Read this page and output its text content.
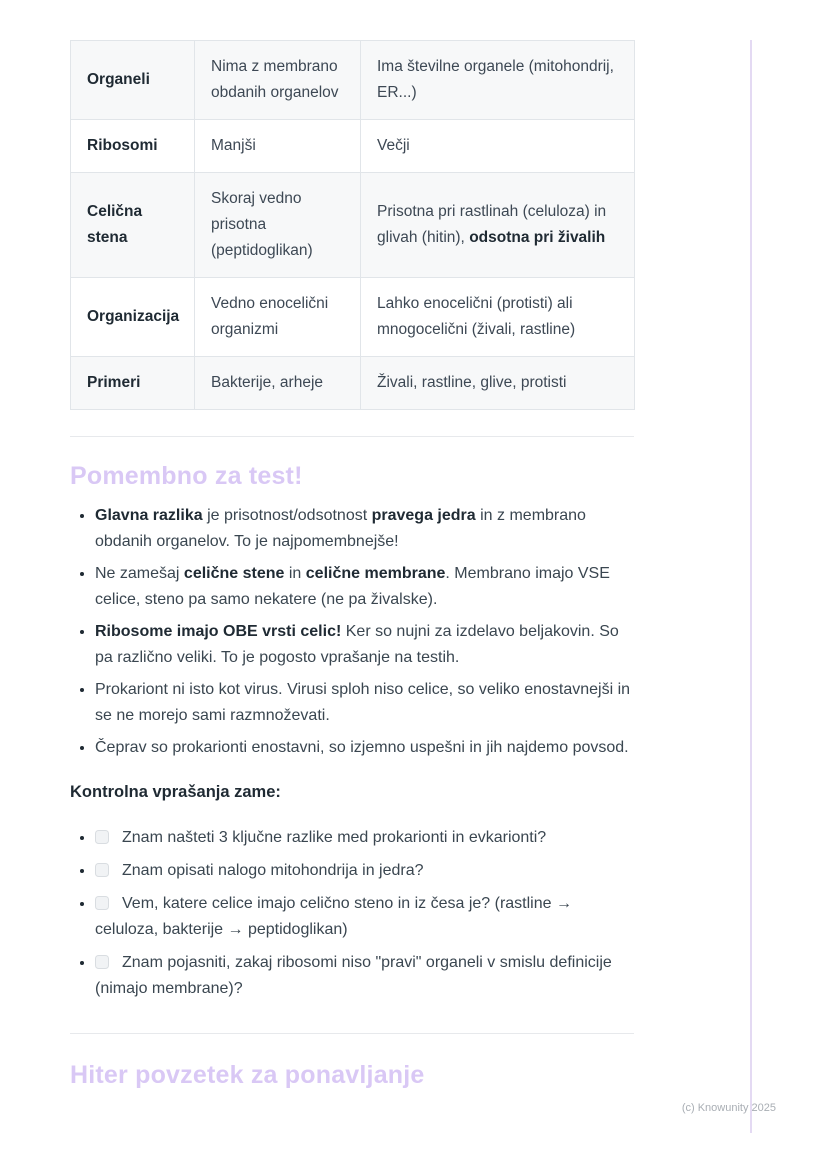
Organeli	Nima z membrano obdanih organelov	Ima številne organele (mitohondrij, ER...)
Ribosomi	Manjši	Večji
Celična stena	Skoraj vedno prisotna (peptidoglikan)	Prisotna pri rastlinah (celuloza) in glivah (hitin), odsotna pri živalih
Organizacija	Vedno enocelični organizmi	Lahko enocelični (protisti) ali mnogocelični (živali, rastline)
Primeri	Bakterije, arheje	Živali, rastline, glive, protisti
Pomembno za test!
• Glavna razlika je prisotnost/odsotnost pravega jedra in z membrano obdanih organelov. To je najpomembnejše!
• Ne zamešaj celične stene in celične membrane. Membrano imajo VSE celice, steno pa samo nekatere (ne pa živalske).
• Ribosome imajo OBE vrsti celic! Ker so nujni za izdelavo beljakovin. So pa različno veliki. To je pogosto vprašanje na testih.
• Prokariont ni isto kot virus. Virusi sploh niso celice, so veliko enostavnejši in se ne morejo sami razmnoževati.
• Čeprav so prokarionti enostavni, so izjemno uspešni in jih najdemo povsod.

Kontrolna vprašanja zame:

• Znam našteti 3 ključne razlike med prokarionti in evkarionti?
• Znam opisati nalogo mitohondrija in jedra?
• Vem, katere celice imajo celično steno in iz česa je? (rastline → celuloza, bakterije → peptidoglikan)
• Znam pojasniti, zakaj ribosomi niso "pravi" organeli v smislu definicije (nimajo membrane)?
Hiter povzetek za ponavljanje
(c) Knowunity 2025
